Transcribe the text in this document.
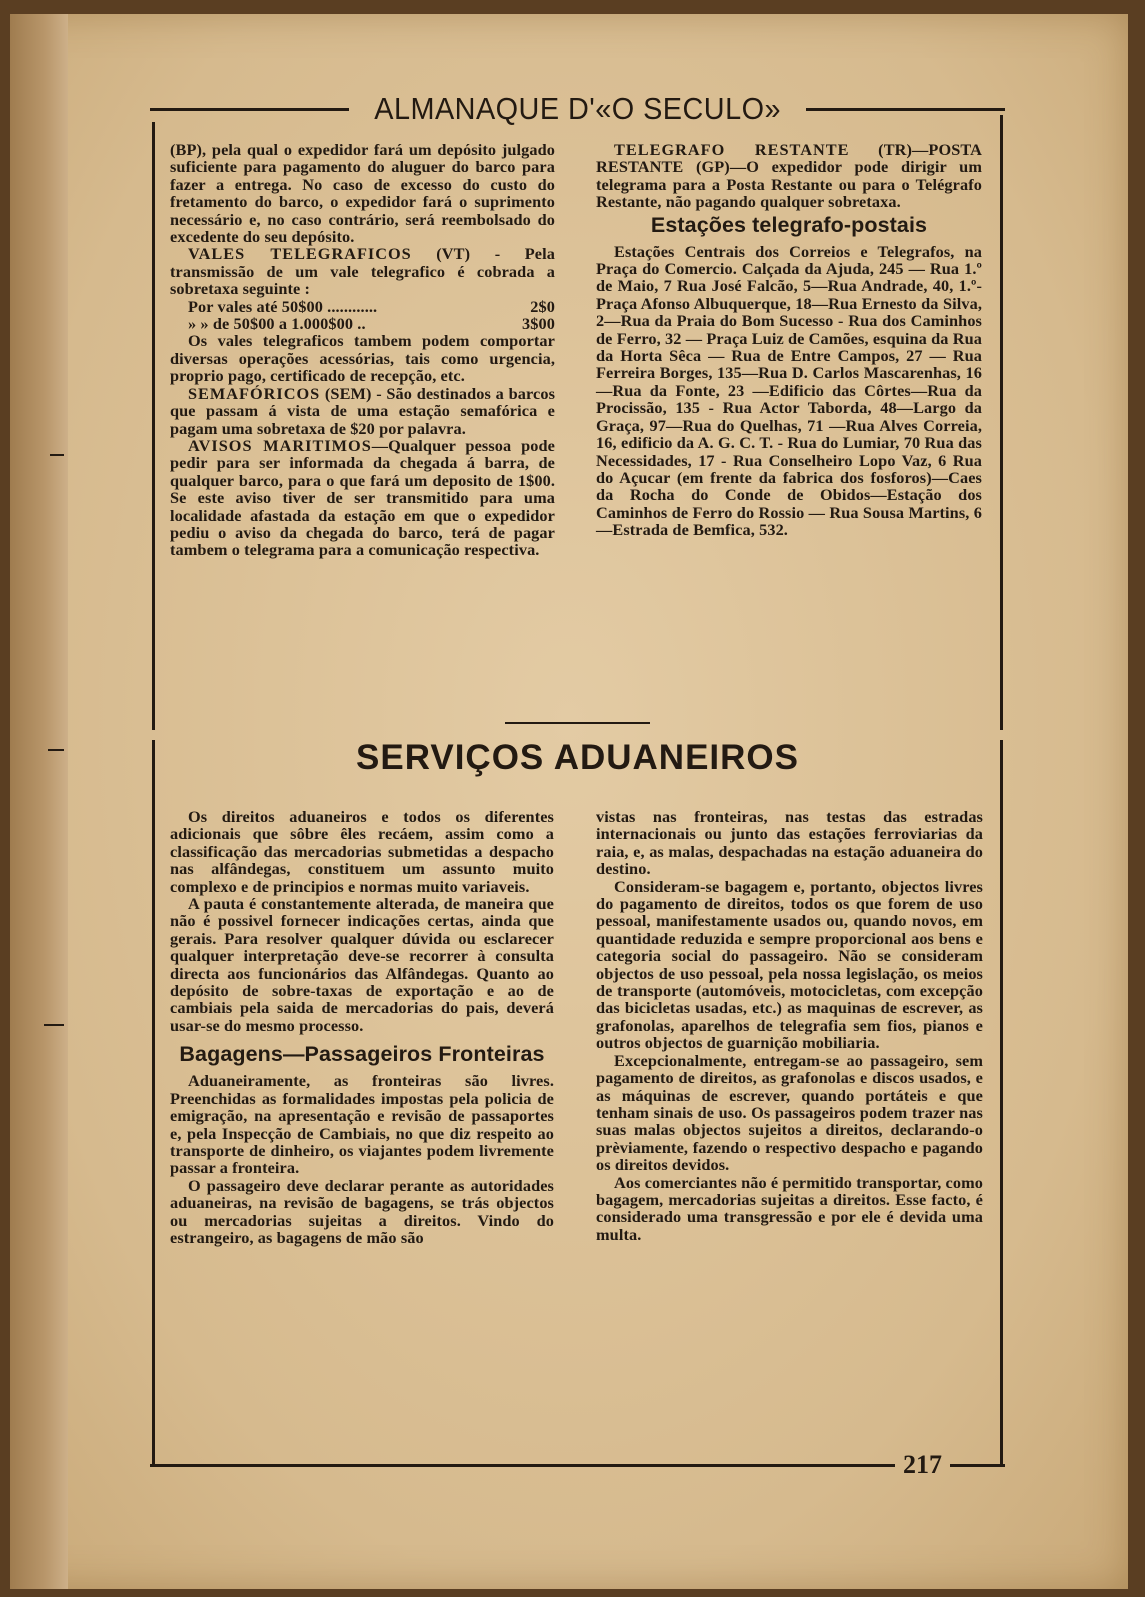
ALMANAQUE D'«O SECULO»

(BP), pela qual o expedidor fará um depósito julgado suficiente para pagamento do aluguer do barco para fazer a entrega. No caso de excesso do custo do fretamento do barco, o expedidor fará o suprimento necessário e, no caso contrário, será reembolsado do excedente do seu depósito.

VALES TELEGRAFICOS (VT) - Pela transmissão de um vale telegrafico é cobrada a sobretaxa seguinte :

Por vales até 50$00 ............	2$0
» » de 50$00 a 1.000$00 ..	3$00

Os vales telegraficos tambem podem comportar diversas operações acessórias, tais como urgencia, proprio pago, certificado de recepção, etc.

SEMAFÓRICOS (SEM) - São destinados a barcos que passam á vista de uma estação semafórica e pagam uma sobretaxa de $20 por palavra.

AVISOS MARITIMOS—Qualquer pessoa pode pedir para ser informada da chegada á barra, de qualquer barco, para o que fará um deposito de 1$00. Se este aviso tiver de ser transmitido para uma localidade afastada da estação em que o expedidor pediu o aviso da chegada do barco, terá de pagar tambem o telegrama para a comunicação respectiva.

TELEGRAFO RESTANTE (TR)—POSTA RESTANTE (GP)—O expedidor pode dirigir um telegrama para a Posta Restante ou para o Telégrafo Restante, não pagando qualquer sobretaxa.

Estações telegrafo-postais

Estações Centrais dos Correios e Telegrafos, na Praça do Comercio. Calçada da Ajuda, 245 — Rua 1.º de Maio, 7 Rua José Falcão, 5—Rua Andrade, 40, 1.º-Praça Afonso Albuquerque, 18—Rua Ernesto da Silva, 2—Rua da Praia do Bom Sucesso - Rua dos Caminhos de Ferro, 32 — Praça Luiz de Camões, esquina da Rua da Horta Sêca — Rua de Entre Campos, 27 — Rua Ferreira Borges, 135—Rua D. Carlos Mascarenhas, 16—Rua da Fonte, 23 —Edificio das Côrtes—Rua da Procissão, 135 - Rua Actor Taborda, 48—Largo da Graça, 97—Rua do Quelhas, 71 —Rua Alves Correia, 16, edificio da A. G. C. T. - Rua do Lumiar, 70 Rua das Necessidades, 17 - Rua Conselheiro Lopo Vaz, 6 Rua do Açucar (em frente da fabrica dos fosforos)—Caes da Rocha do Conde de Obidos—Estação dos Caminhos de Ferro do Rossio — Rua Sousa Martins, 6—Estrada de Bemfica, 532.

SERVIÇOS ADUANEIROS

Os direitos aduaneiros e todos os diferentes adicionais que sôbre êles recáem, assim como a classificação das mercadorias submetidas a despacho nas alfândegas, constituem um assunto muito complexo e de principios e normas muito variaveis.

A pauta é constantemente alterada, de maneira que não é possivel fornecer indicações certas, ainda que gerais. Para resolver qualquer dúvida ou esclarecer qualquer interpretação deve-se recorrer à consulta directa aos funcionários das Alfândegas. Quanto ao depósito de sobre-taxas de exportação e ao de cambiais pela saida de mercadorias do pais, deverá usar-se do mesmo processo.

Bagagens—Passageiros Fronteiras

Aduaneiramente, as fronteiras são livres. Preenchidas as formalidades impostas pela policia de emigração, na apresentação e revisão de passaportes e, pela Inspecção de Cambiais, no que diz respeito ao transporte de dinheiro, os viajantes podem livremente passar a fronteira.

O passageiro deve declarar perante as autoridades aduaneiras, na revisão de bagagens, se trás objectos ou mercadorias sujeitas a direitos. Vindo do estrangeiro, as bagagens de mão são

vistas nas fronteiras, nas testas das estradas internacionais ou junto das estações ferroviarias da raia, e, as malas, despachadas na estação aduaneira do destino.

Consideram-se bagagem e, portanto, objectos livres do pagamento de direitos, todos os que forem de uso pessoal, manifestamente usados ou, quando novos, em quantidade reduzida e sempre proporcional aos bens e categoria social do passageiro. Não se consideram objectos de uso pessoal, pela nossa legislação, os meios de transporte (automóveis, motocicletas, com excepção das bicicletas usadas, etc.) as maquinas de escrever, as grafonolas, aparelhos de telegrafia sem fios, pianos e outros objectos de guarnição mobiliaria.

Excepcionalmente, entregam-se ao passageiro, sem pagamento de direitos, as grafonolas e discos usados, e as máquinas de escrever, quando portáteis e que tenham sinais de uso. Os passageiros podem trazer nas suas malas objectos sujeitos a direitos, declarando-o prèviamente, fazendo o respectivo despacho e pagando os direitos devidos.

Aos comerciantes não é permitido transportar, como bagagem, mercadorias sujeitas a direitos. Esse facto, é considerado uma transgressão e por ele é devida uma multa.

217
